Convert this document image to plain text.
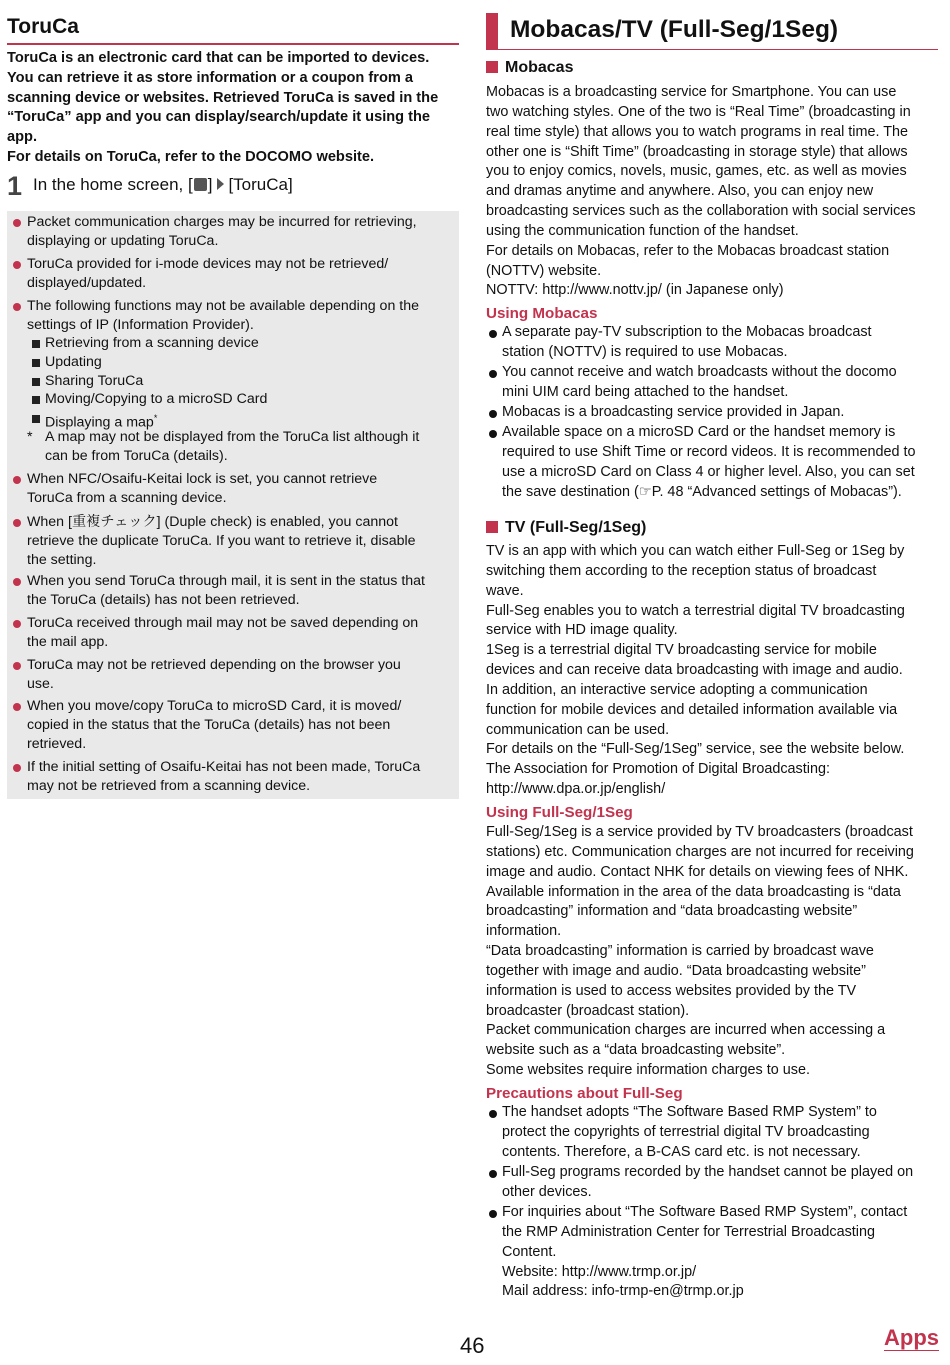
ToruCa

ToruCa is an electronic card that can be imported to devices.

You can retrieve it as store information or a coupon from a

scanning device or websites. Retrieved ToruCa is saved in the

“ToruCa” app and you can display/search/update it using the

app.

For details on ToruCa, refer to the DOCOMO website.

1 In the home screen, [ ] [ToruCa]
Packet communication charges may be incurred for retrieving,
displaying or updating ToruCa.
ToruCa provided for i-mode devices may not be retrieved/
displayed/updated.
The following functions may not be available depending on the
settings of IP (Information Provider).
Retrieving from a scanning device
Updating
Sharing ToruCa
Moving/Copying to a microSD Card
Displaying a map*
* A map may not be displayed from the ToruCa list although it
can be from ToruCa (details).
When NFC/Osaifu-Keitai lock is set, you cannot retrieve
ToruCa from a scanning device.
When [重複チェック] (Duple check) is enabled, you cannot
retrieve the duplicate ToruCa. If you want to retrieve it, disable
the setting.
When you send ToruCa through mail, it is sent in the status that
the ToruCa (details) has not been retrieved.
ToruCa received through mail may not be saved depending on
the mail app.
ToruCa may not be retrieved depending on the browser you
use.
When you move/copy ToruCa to microSD Card, it is moved/
copied in the status that the ToruCa (details) has not been
retrieved.
If the initial setting of Osaifu-Keitai has not been made, ToruCa
may not be retrieved from a scanning device.
Mobacas/TV (Full-Seg/1Seg)
Mobacas

Mobacas is a broadcasting service for Smartphone. You can use

two watching styles. One of the two is “Real Time” (broadcasting in

real time style) that allows you to watch programs in real time. The

other one is “Shift Time” (broadcasting in storage style) that allows

you to enjoy comics, novels, music, games, etc. as well as movies

and dramas anytime and anywhere. Also, you can enjoy new

broadcasting services such as the collaboration with social services

using the communication function of the handset.

For details on Mobacas, refer to the Mobacas broadcast station

(NOTTV) website.

NOTTV: http://www.nottv.jp/ (in Japanese only)

Using Mobacas

A separate pay-TV subscription to the Mobacas broadcast

station (NOTTV) is required to use Mobacas.

You cannot receive and watch broadcasts without the docomo

mini UIM card being attached to the handset.

Mobacas is a broadcasting service provided in Japan.

Available space on a microSD Card or the handset memory is

required to use Shift Time or record videos. It is recommended to

use a microSD Card on Class 4 or higher level. Also, you can set

the save destination (☞P. 48 “Advanced settings of Mobacas”).

TV (Full-Seg/1Seg)

TV is an app with which you can watch either Full-Seg or 1Seg by

switching them according to the reception status of broadcast

wave.

Full-Seg enables you to watch a terrestrial digital TV broadcasting

service with HD image quality.

1Seg is a terrestrial digital TV broadcasting service for mobile

devices and can receive data broadcasting with image and audio.

In addition, an interactive service adopting a communication

function for mobile devices and detailed information available via

communication can be used.

For details on the “Full-Seg/1Seg” service, see the website below.

The Association for Promotion of Digital Broadcasting:

http://www.dpa.or.jp/english/

Using Full-Seg/1Seg

Full-Seg/1Seg is a service provided by TV broadcasters (broadcast

stations) etc. Communication charges are not incurred for receiving

image and audio. Contact NHK for details on viewing fees of NHK.

Available information in the area of the data broadcasting is “data

broadcasting” information and “data broadcasting website”

information.

“Data broadcasting” information is carried by broadcast wave

together with image and audio. “Data broadcasting website”

information is used to access websites provided by the TV

broadcaster (broadcast station).

Packet communication charges are incurred when accessing a

website such as a “data broadcasting website”.

Some websites require information charges to use.

Precautions about Full-Seg

The handset adopts “The Software Based RMP System” to

protect the copyrights of terrestrial digital TV broadcasting

contents. Therefore, a B-CAS card etc. is not necessary.

Full-Seg programs recorded by the handset cannot be played on

other devices.

For inquiries about “The Software Based RMP System”, contact

the RMP Administration Center for Terrestrial Broadcasting

Content.

Website: http://www.trmp.or.jp/

Mail address: info-trmp-en@trmp.or.jp

46	Apps
